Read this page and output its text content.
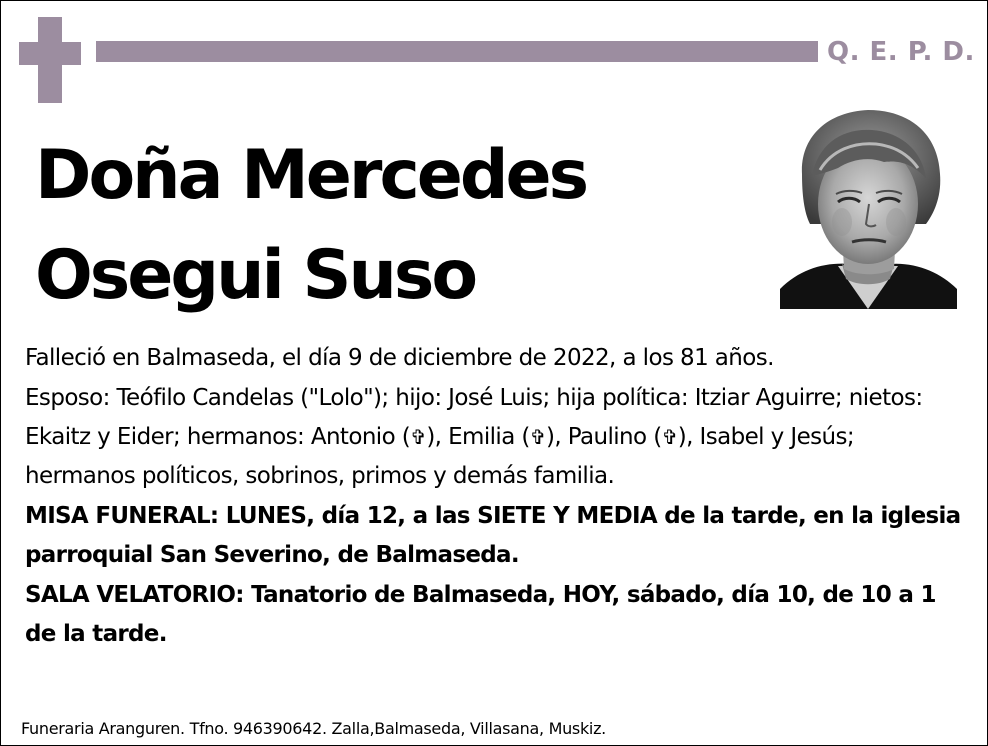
Q. E. P. D.
Doña Mercedes
Osegui Suso

Falleció en Balmaseda, el día 9 de diciembre de 2022, a los 81 años.

Esposo: Teófilo Candelas ("Lolo"); hijo: José Luis; hija política: Itziar Aguirre; nietos: Ekaitz y Eider; hermanos: Antonio (✞), Emilia (✞), Paulino (✞), Isabel y Jesús; hermanos políticos, sobrinos, primos y demás familia.

MISA FUNERAL: LUNES, día 12, a las SIETE Y MEDIA de la tarde, en la iglesia parroquial San Severino, de Balmaseda.

SALA VELATORIO: Tanatorio de Balmaseda, HOY, sábado, día 10, de 10 a 1 de la tarde.

Funeraria Aranguren. Tfno. 946390642. Zalla,Balmaseda, Villasana, Muskiz.
